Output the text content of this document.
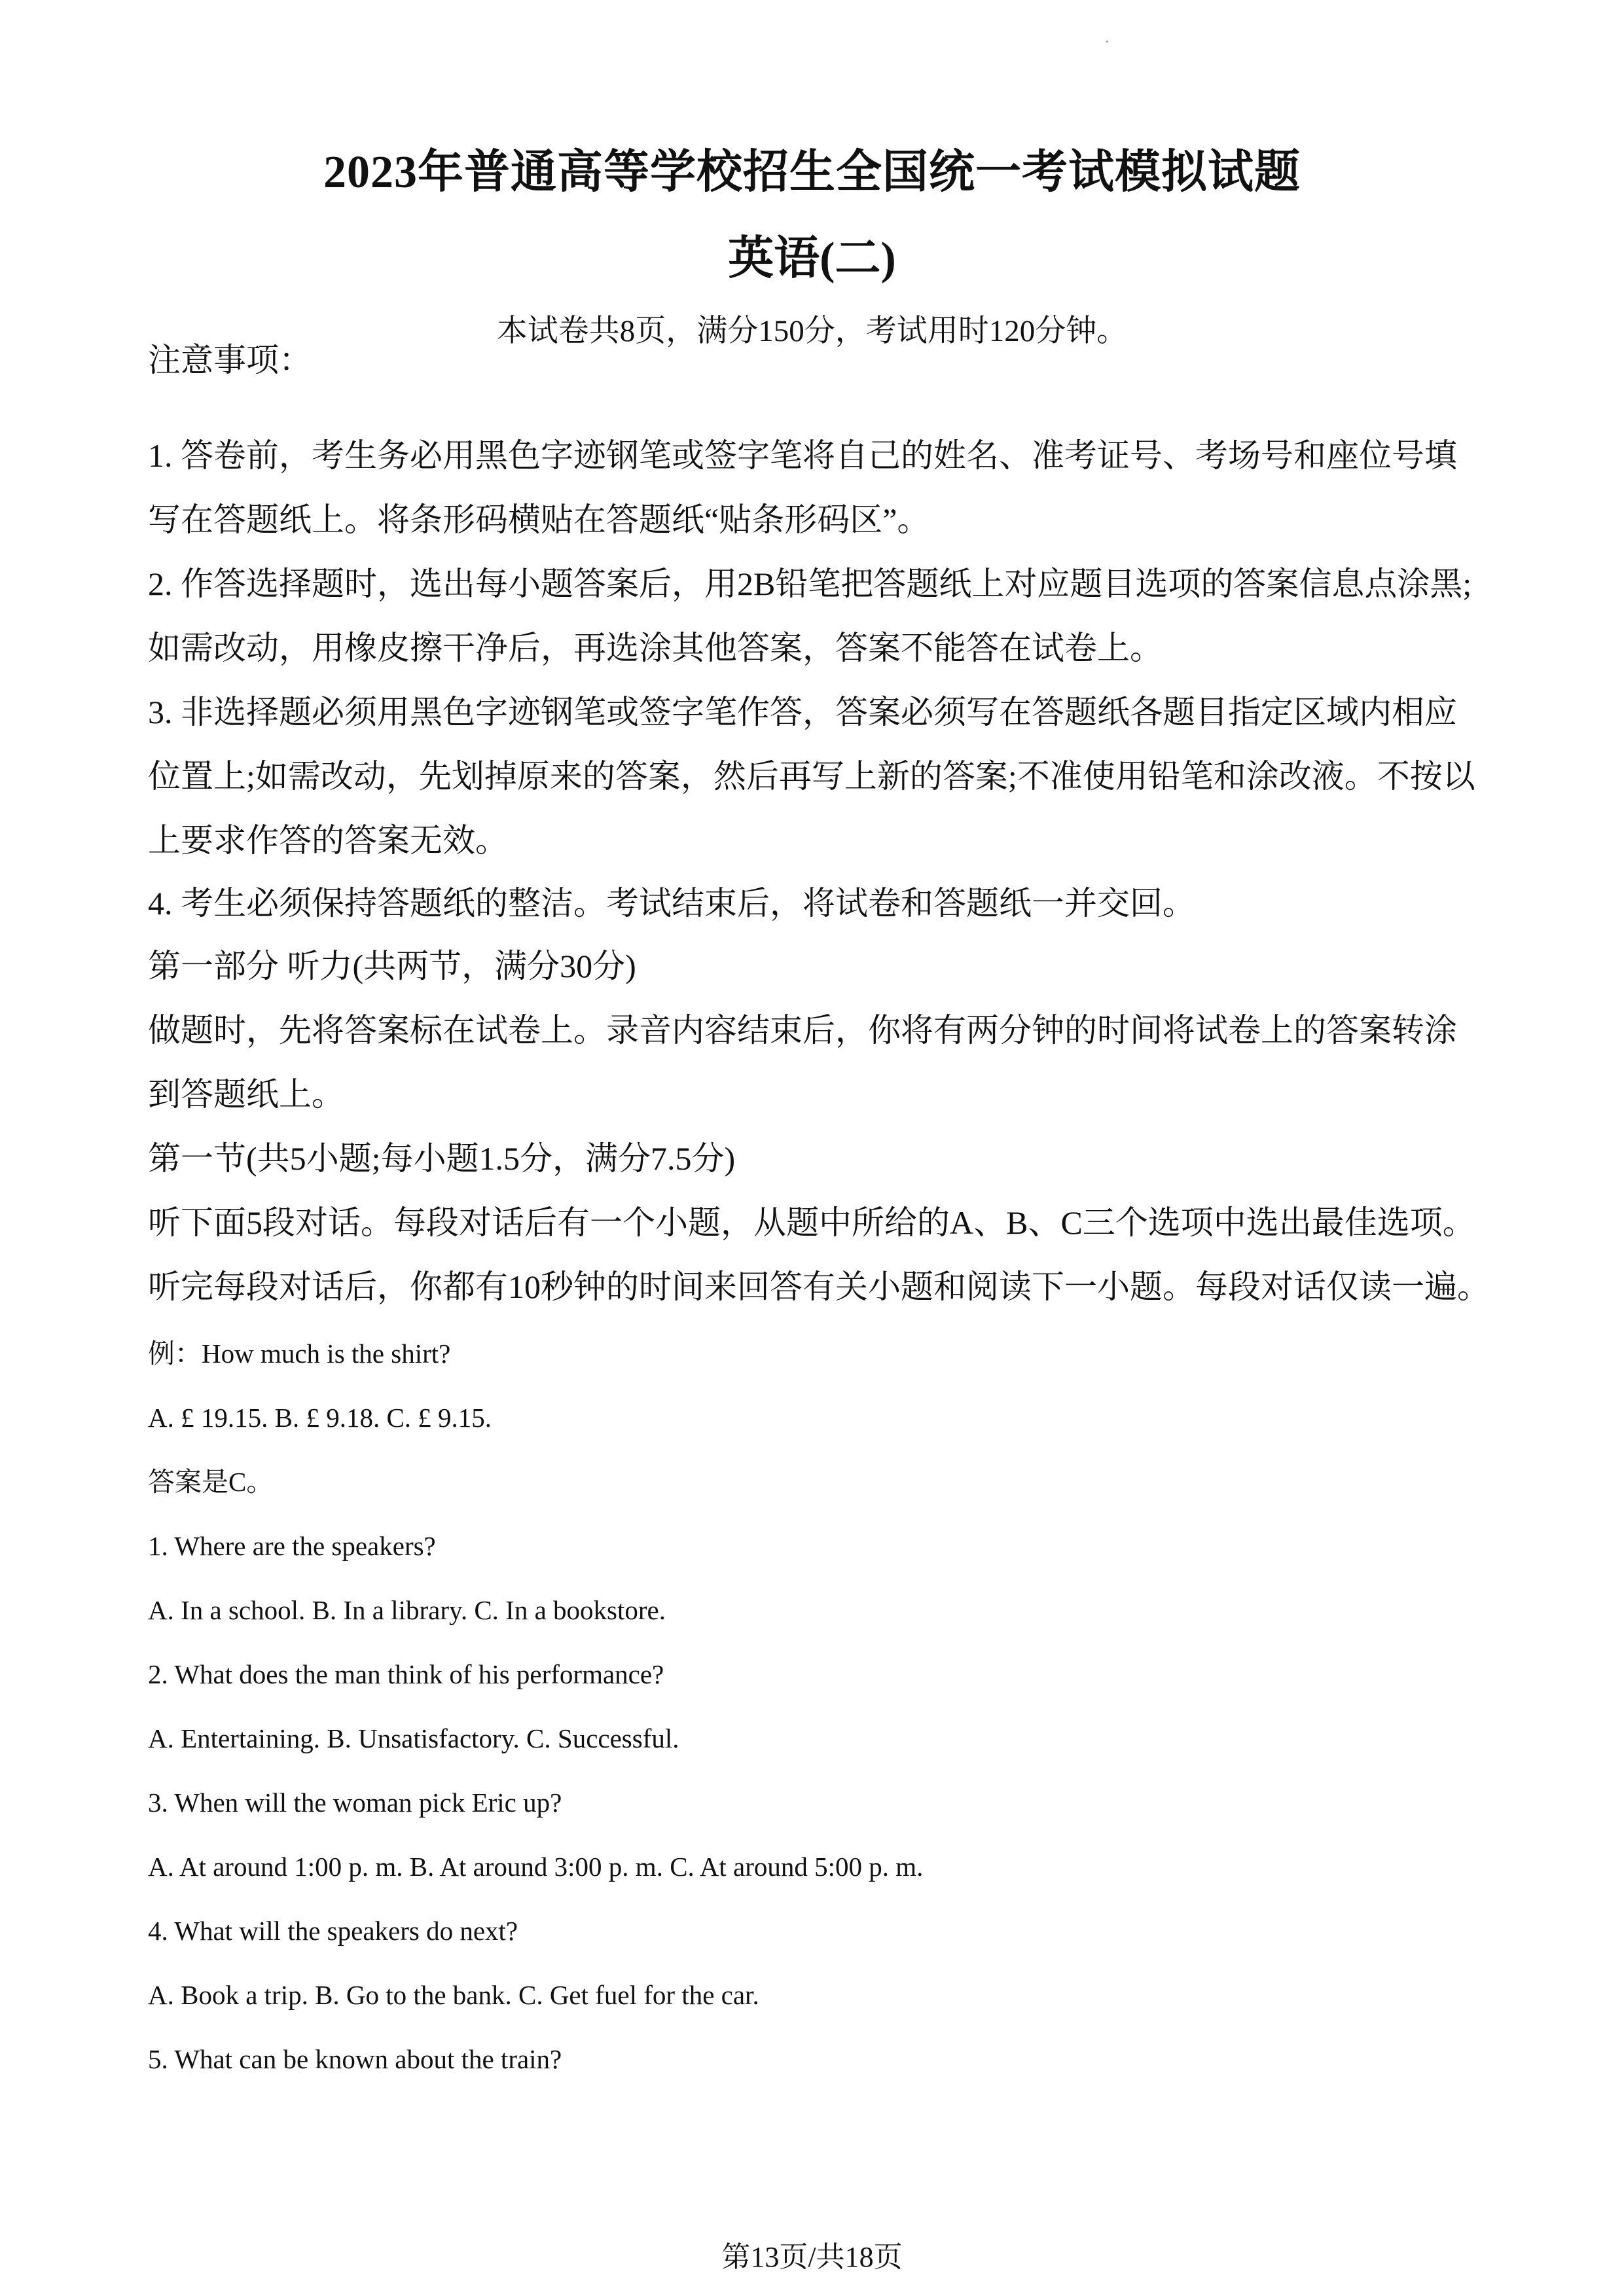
2023年普通高等学校招生全国统一考试模拟试题
英语(二)
本试卷共8页，满分150分，考试用时120分钟。
注意事项：
1. 答卷前，考生务必用黑色字迹钢笔或签字笔将自己的姓名、准考证号、考场号和座位号填
写在答题纸上。将条形码横贴在答题纸“贴条形码区”。
2. 作答选择题时，选出每小题答案后，用2B铅笔把答题纸上对应题目选项的答案信息点涂黑;
如需改动，用橡皮擦干净后，再选涂其他答案，答案不能答在试卷上。
3. 非选择题必须用黑色字迹钢笔或签字笔作答，答案必须写在答题纸各题目指定区域内相应
位置上;如需改动，先划掉原来的答案，然后再写上新的答案;不准使用铅笔和涂改液。不按以
上要求作答的答案无效。
4. 考生必须保持答题纸的整洁。考试结束后，将试卷和答题纸一并交回。
第一部分 听力(共两节，满分30分)
做题时，先将答案标在试卷上。录音内容结束后，你将有两分钟的时间将试卷上的答案转涂
到答题纸上。
第一节(共5小题;每小题1.5分，满分7.5分)
听下面5段对话。每段对话后有一个小题，从题中所给的A、B、C三个选项中选出最佳选项。
听完每段对话后，你都有10秒钟的时间来回答有关小题和阅读下一小题。每段对话仅读一遍。
例：How much is the shirt?
A. £ 19.15. B. £ 9.18. C. £ 9.15.
答案是C。
1. Where are the speakers?
A. In a school. B. In a library. C. In a bookstore.
2. What does the man think of his performance?
A. Entertaining. B. Unsatisfactory. C. Successful.
3. When will the woman pick Eric up?
A. At around 1:00 p. m. B. At around 3:00 p. m. C. At around 5:00 p. m.
4. What will the speakers do next?
A. Book a trip. B. Go to the bank. C. Get fuel for the car.
5. What can be known about the train?
第13页/共18页
